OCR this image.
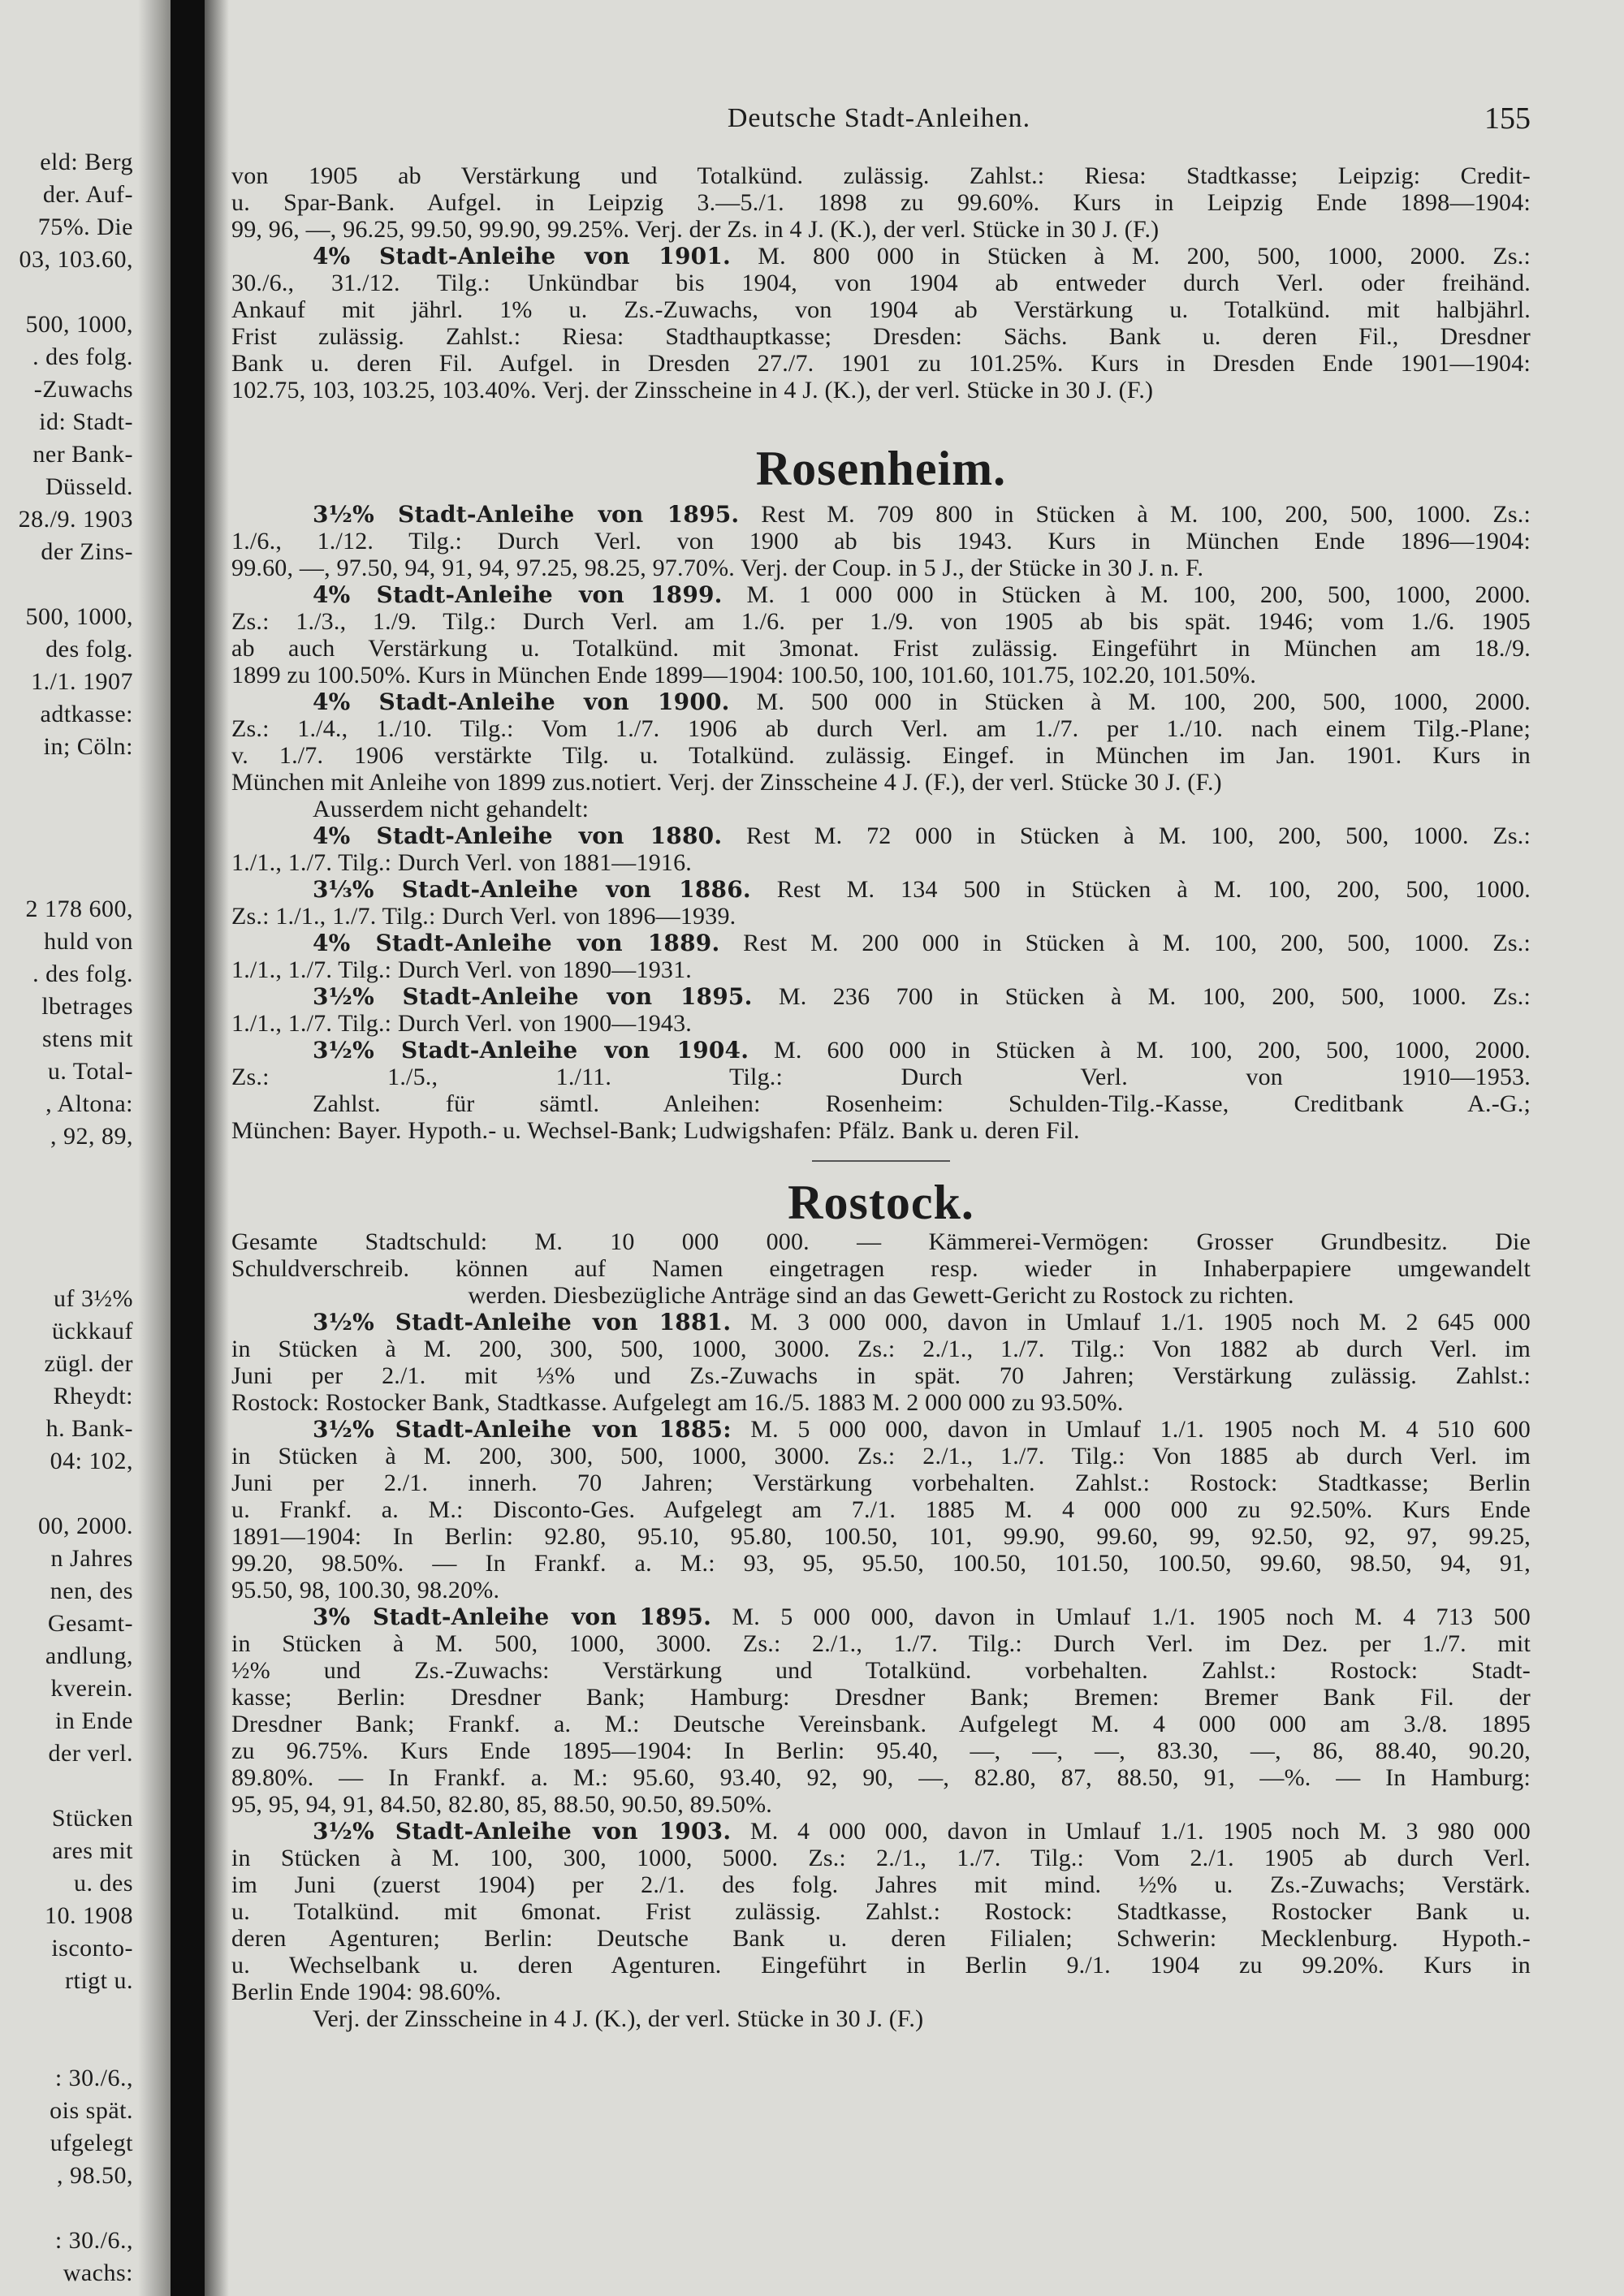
eld: Berg
der. Auf-
75%. Die
03, 103.60,
500, 1000,
. des folg.
-Zuwachs
id: Stadt-
ner Bank-
Düsseld.
28./9. 1903
der Zins-
500, 1000,
des folg.
1./1. 1907
adtkasse:
in; Cöln:
2 178 600,
huld von
. des folg.
lbetrages
stens mit
u. Total-
, Altona:
, 92, 89,
uf 3½%
ückkauf
zügl. der
Rheydt:
h. Bank-
04: 102,
00, 2000.
n Jahres
nen, des
Gesamt-
andlung,
kverein.
in Ende
der verl.
Stücken
ares mit
u. des
10. 1908
isconto-
rtigt u.
: 30./6.,
ois spät.
ufgelegt
, 98.50,
: 30./6.,
wachs:
Deutsche Stadt-Anleihen.	155
von 1905 ab Verstärkung und Totalkünd. zulässig. Zahlst.: Riesa: Stadtkasse; Leipzig: Credit-
u. Spar-Bank. Aufgel. in Leipzig 3.—5./1. 1898 zu 99.60%. Kurs in Leipzig Ende 1898—1904:
99, 96, —, 96.25, 99.50, 99.90, 99.25%. Verj. der Zs. in 4 J. (K.), der verl. Stücke in 30 J. (F.)
4% Stadt-Anleihe von 1901. M. 800 000 in Stücken à M. 200, 500, 1000, 2000. Zs.:
30./6., 31./12. Tilg.: Unkündbar bis 1904, von 1904 ab entweder durch Verl. oder freihänd.
Ankauf mit jährl. 1% u. Zs.-Zuwachs, von 1904 ab Verstärkung u. Totalkünd. mit halbjährl.
Frist zulässig. Zahlst.: Riesa: Stadthauptkasse; Dresden: Sächs. Bank u. deren Fil., Dresdner
Bank u. deren Fil. Aufgel. in Dresden 27./7. 1901 zu 101.25%. Kurs in Dresden Ende 1901—1904:
102.75, 103, 103.25, 103.40%. Verj. der Zinsscheine in 4 J. (K.), der verl. Stücke in 30 J. (F.)
Rosenheim.
3½% Stadt-Anleihe von 1895. Rest M. 709 800 in Stücken à M. 100, 200, 500, 1000. Zs.:
1./6., 1./12. Tilg.: Durch Verl. von 1900 ab bis 1943. Kurs in München Ende 1896—1904:
99.60, —, 97.50, 94, 91, 94, 97.25, 98.25, 97.70%. Verj. der Coup. in 5 J., der Stücke in 30 J. n. F.
4% Stadt-Anleihe von 1899. M. 1 000 000 in Stücken à M. 100, 200, 500, 1000, 2000.
Zs.: 1./3., 1./9. Tilg.: Durch Verl. am 1./6. per 1./9. von 1905 ab bis spät. 1946; vom 1./6. 1905
ab auch Verstärkung u. Totalkünd. mit 3monat. Frist zulässig. Eingeführt in München am 18./9.
1899 zu 100.50%. Kurs in München Ende 1899—1904: 100.50, 100, 101.60, 101.75, 102.20, 101.50%.
4% Stadt-Anleihe von 1900. M. 500 000 in Stücken à M. 100, 200, 500, 1000, 2000.
Zs.: 1./4., 1./10. Tilg.: Vom 1./7. 1906 ab durch Verl. am 1./7. per 1./10. nach einem Tilg.-Plane;
v. 1./7. 1906 verstärkte Tilg. u. Totalkünd. zulässig. Eingef. in München im Jan. 1901. Kurs in
München mit Anleihe von 1899 zus.notiert. Verj. der Zinsscheine 4 J. (F.), der verl. Stücke 30 J. (F.)
Ausserdem nicht gehandelt:
4% Stadt-Anleihe von 1880. Rest M. 72 000 in Stücken à M. 100, 200, 500, 1000. Zs.:
1./1., 1./7. Tilg.: Durch Verl. von 1881—1916.
3⅓% Stadt-Anleihe von 1886. Rest M. 134 500 in Stücken à M. 100, 200, 500, 1000.
Zs.: 1./1., 1./7. Tilg.: Durch Verl. von 1896—1939.
4% Stadt-Anleihe von 1889. Rest M. 200 000 in Stücken à M. 100, 200, 500, 1000. Zs.:
1./1., 1./7. Tilg.: Durch Verl. von 1890—1931.
3½% Stadt-Anleihe von 1895. M. 236 700 in Stücken à M. 100, 200, 500, 1000. Zs.:
1./1., 1./7. Tilg.: Durch Verl. von 1900—1943.
3½% Stadt-Anleihe von 1904. M. 600 000 in Stücken à M. 100, 200, 500, 1000, 2000.
Zs.: 1./5., 1./11. Tilg.: Durch Verl. von 1910—1953.
Zahlst. für sämtl. Anleihen: Rosenheim: Schulden-Tilg.-Kasse, Creditbank A.-G.;
München: Bayer. Hypoth.- u. Wechsel-Bank; Ludwigshafen: Pfälz. Bank u. deren Fil.
Rostock.
Gesamte Stadtschuld: M. 10 000 000. — Kämmerei-Vermögen: Grosser Grundbesitz. Die
Schuldverschreib. können auf Namen eingetragen resp. wieder in Inhaberpapiere umgewandelt
werden. Diesbezügliche Anträge sind an das Gewett-Gericht zu Rostock zu richten.
3½% Stadt-Anleihe von 1881. M. 3 000 000, davon in Umlauf 1./1. 1905 noch M. 2 645 000
in Stücken à M. 200, 300, 500, 1000, 3000. Zs.: 2./1., 1./7. Tilg.: Von 1882 ab durch Verl. im
Juni per 2./1. mit ⅓% und Zs.-Zuwachs in spät. 70 Jahren; Verstärkung zulässig. Zahlst.:
Rostock: Rostocker Bank, Stadtkasse. Aufgelegt am 16./5. 1883 M. 2 000 000 zu 93.50%.
3½% Stadt-Anleihe von 1885: M. 5 000 000, davon in Umlauf 1./1. 1905 noch M. 4 510 600
in Stücken à M. 200, 300, 500, 1000, 3000. Zs.: 2./1., 1./7. Tilg.: Von 1885 ab durch Verl. im
Juni per 2./1. innerh. 70 Jahren; Verstärkung vorbehalten. Zahlst.: Rostock: Stadtkasse; Berlin
u. Frankf. a. M.: Disconto-Ges. Aufgelegt am 7./1. 1885 M. 4 000 000 zu 92.50%. Kurs Ende
1891—1904: In Berlin: 92.80, 95.10, 95.80, 100.50, 101, 99.90, 99.60, 99, 92.50, 92, 97, 99.25,
99.20, 98.50%. — In Frankf. a. M.: 93, 95, 95.50, 100.50, 101.50, 100.50, 99.60, 98.50, 94, 91,
95.50, 98, 100.30, 98.20%.
3% Stadt-Anleihe von 1895. M. 5 000 000, davon in Umlauf 1./1. 1905 noch M. 4 713 500
in Stücken à M. 500, 1000, 3000. Zs.: 2./1., 1./7. Tilg.: Durch Verl. im Dez. per 1./7. mit
½% und Zs.-Zuwachs: Verstärkung und Totalkünd. vorbehalten. Zahlst.: Rostock: Stadt-
kasse; Berlin: Dresdner Bank; Hamburg: Dresdner Bank; Bremen: Bremer Bank Fil. der
Dresdner Bank; Frankf. a. M.: Deutsche Vereinsbank. Aufgelegt M. 4 000 000 am 3./8. 1895
zu 96.75%. Kurs Ende 1895—1904: In Berlin: 95.40, —, —, —, 83.30, —, 86, 88.40, 90.20,
89.80%. — In Frankf. a. M.: 95.60, 93.40, 92, 90, —, 82.80, 87, 88.50, 91, —%. — In Hamburg:
95, 95, 94, 91, 84.50, 82.80, 85, 88.50, 90.50, 89.50%.
3½% Stadt-Anleihe von 1903. M. 4 000 000, davon in Umlauf 1./1. 1905 noch M. 3 980 000
in Stücken à M. 100, 300, 1000, 5000. Zs.: 2./1., 1./7. Tilg.: Vom 2./1. 1905 ab durch Verl.
im Juni (zuerst 1904) per 2./1. des folg. Jahres mit mind. ½% u. Zs.-Zuwachs; Verstärk.
u. Totalkünd. mit 6monat. Frist zulässig. Zahlst.: Rostock: Stadtkasse, Rostocker Bank u.
deren Agenturen; Berlin: Deutsche Bank u. deren Filialen; Schwerin: Mecklenburg. Hypoth.-
u. Wechselbank u. deren Agenturen. Eingeführt in Berlin 9./1. 1904 zu 99.20%. Kurs in
Berlin Ende 1904: 98.60%.
Verj. der Zinsscheine in 4 J. (K.), der verl. Stücke in 30 J. (F.)
